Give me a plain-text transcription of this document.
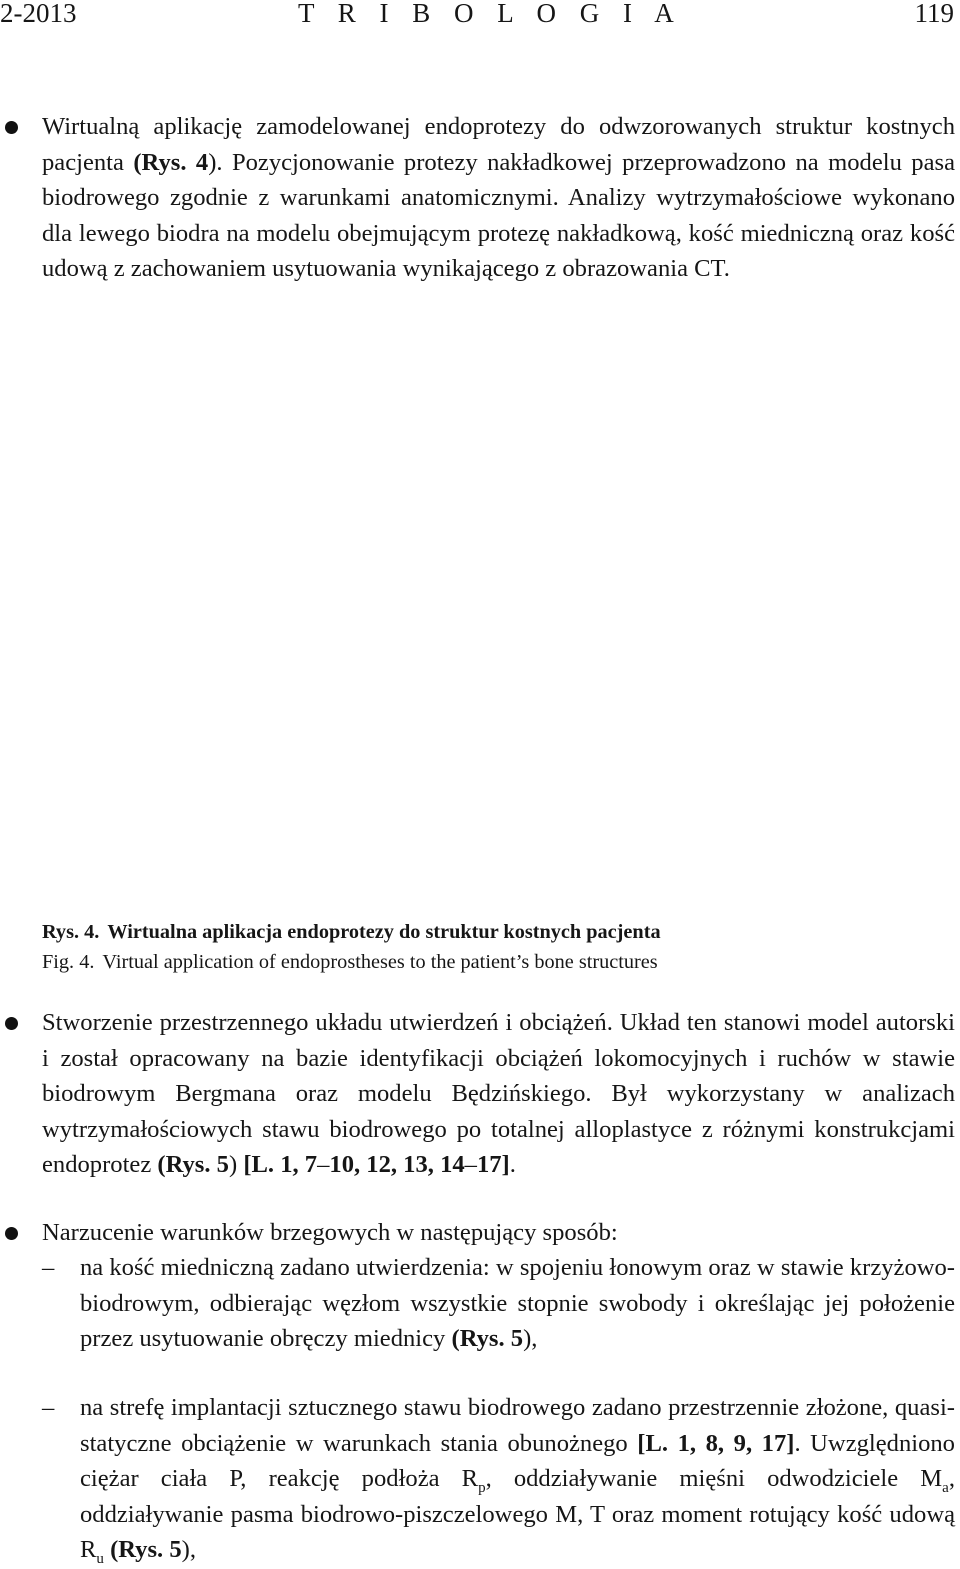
2-2013	T R I B O L O G I A	119
Wirtualną aplikację zamodelowanej endoprotezy do odwzorowanych struktur kostnych pacjenta (Rys. 4). Pozycjonowanie protezy nakładkowej przeprowadzono na modelu pasa biodrowego zgodnie z warunkami anatomicznymi. Analizy wytrzymałościowe wykonano dla lewego biodra na modelu obejmującym protezę nakładkową, kość miedniczną oraz kość udową z zachowaniem usytuowania wynikającego z obrazowania CT.
Rys. 4. Wirtualna aplikacja endoprotezy do struktur kostnych pacjenta
Fig. 4. Virtual application of endoprostheses to the patient’s bone structures
Stworzenie przestrzennego układu utwierdzeń i obciążeń. Układ ten stanowi model autorski i został opracowany na bazie identyfikacji obciążeń lokomocyjnych i ruchów w stawie biodrowym Bergmana oraz modelu Będzińskiego. Był wykorzystany w analizach wytrzymałościowych stawu biodrowego po totalnej alloplastyce z różnymi konstrukcjami endoprotez (Rys. 5) [L. 1, 7–10, 12, 13, 14–17].
Narzucenie warunków brzegowych w następujący sposób:
– na kość miedniczną zadano utwierdzenia: w spojeniu łonowym oraz w stawie krzyżowo-biodrowym, odbierając węzłom wszystkie stopnie swobody i określając jej położenie przez usytuowanie obręczy miednicy (Rys. 5),
– na strefę implantacji sztucznego stawu biodrowego zadano przestrzennie złożone, quasi-statyczne obciążenie w warunkach stania obunożnego [L. 1, 8, 9, 17]. Uwzględniono ciężar ciała P, reakcję podłoża $R_p$, oddziaływanie mięśni odwodziciele $M_a$, oddziaływanie pasma biodrowo-piszczelowego M, T oraz moment rotujący kość udową $R_u$ (Rys. 5),
